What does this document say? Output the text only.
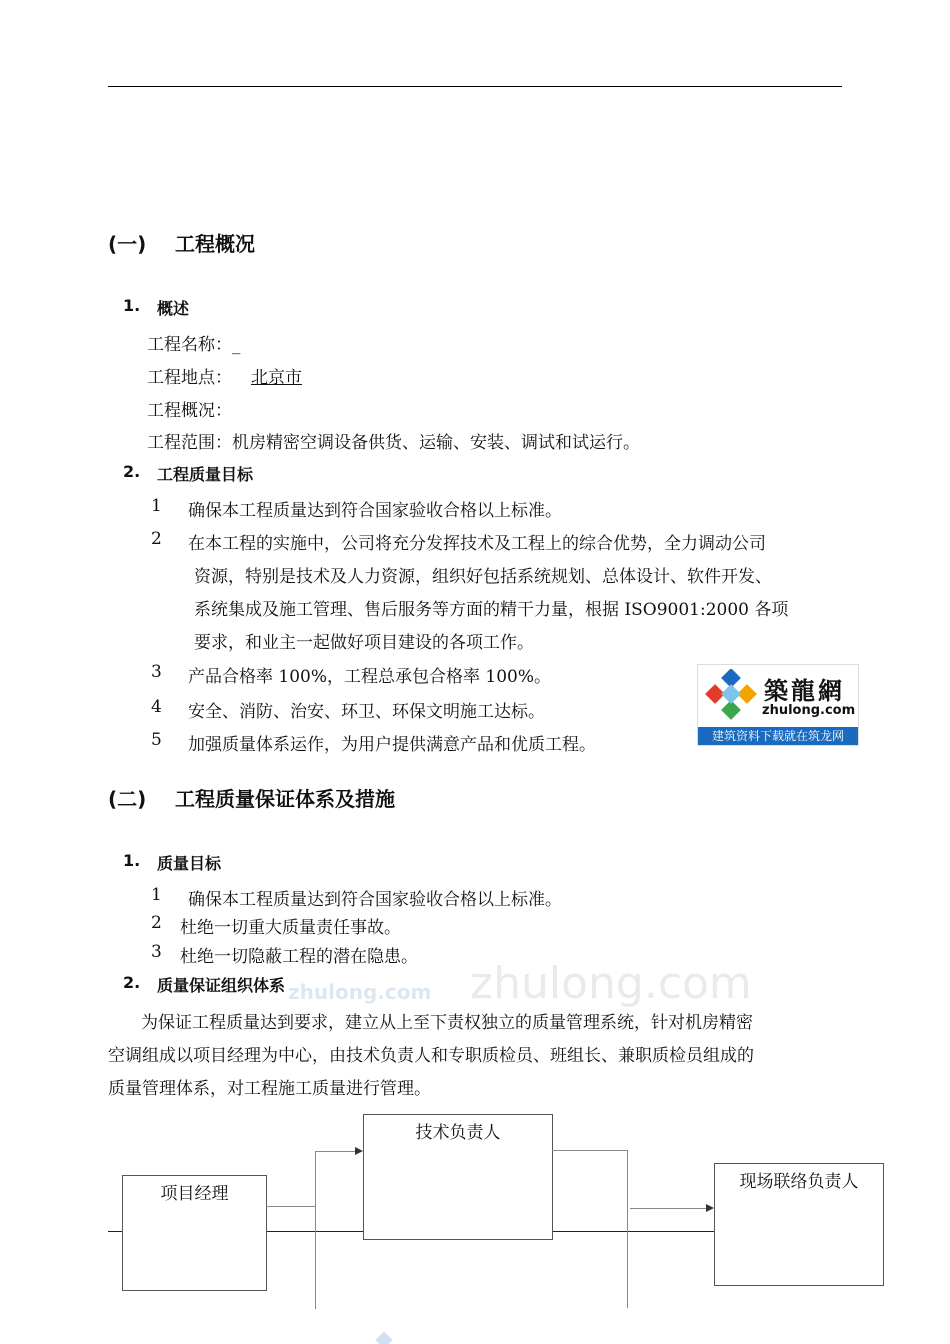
(一) 工程概况
1. 概述
工程名称：_
工程地点： 北京市
工程概况：
工程范围：机房精密空调设备供货、运输、安装、调试和试运行。
2. 工程质量目标
1 确保本工程质量达到符合国家验收合格以上标准。
2 在本工程的实施中，公司将充分发挥技术及工程上的综合优势，全力调动公司
资源，特别是技术及人力资源，组织好包括系统规划、总体设计、软件开发、
系统集成及施工管理、售后服务等方面的精干力量，根据 ISO9001:2000 各项
要求，和业主一起做好项目建设的各项工作。
3 产品合格率 100%，工程总承包合格率 100%。
4 安全、消防、治安、环卫、环保文明施工达标。
5 加强质量体系运作，为用户提供满意产品和优质工程。
築龍網
zhulong.com
建筑资料下载就在筑龙网
(二) 工程质量保证体系及措施
1. 质量目标
1 确保本工程质量达到符合国家验收合格以上标准。
2 杜绝一切重大质量责任事故。
3 杜绝一切隐蔽工程的潜在隐患。
2. 质量保证组织体系	zhulong.com
zhulong.com
为保证工程质量达到要求，建立从上至下责权独立的质量管理系统，针对机房精密
空调组成以项目经理为中心，由技术负责人和专职质检员、班组长、兼职质检员组成的
质量管理体系，对工程施工质量进行管理。
项目经理
技术负责人
现场联络负责人
